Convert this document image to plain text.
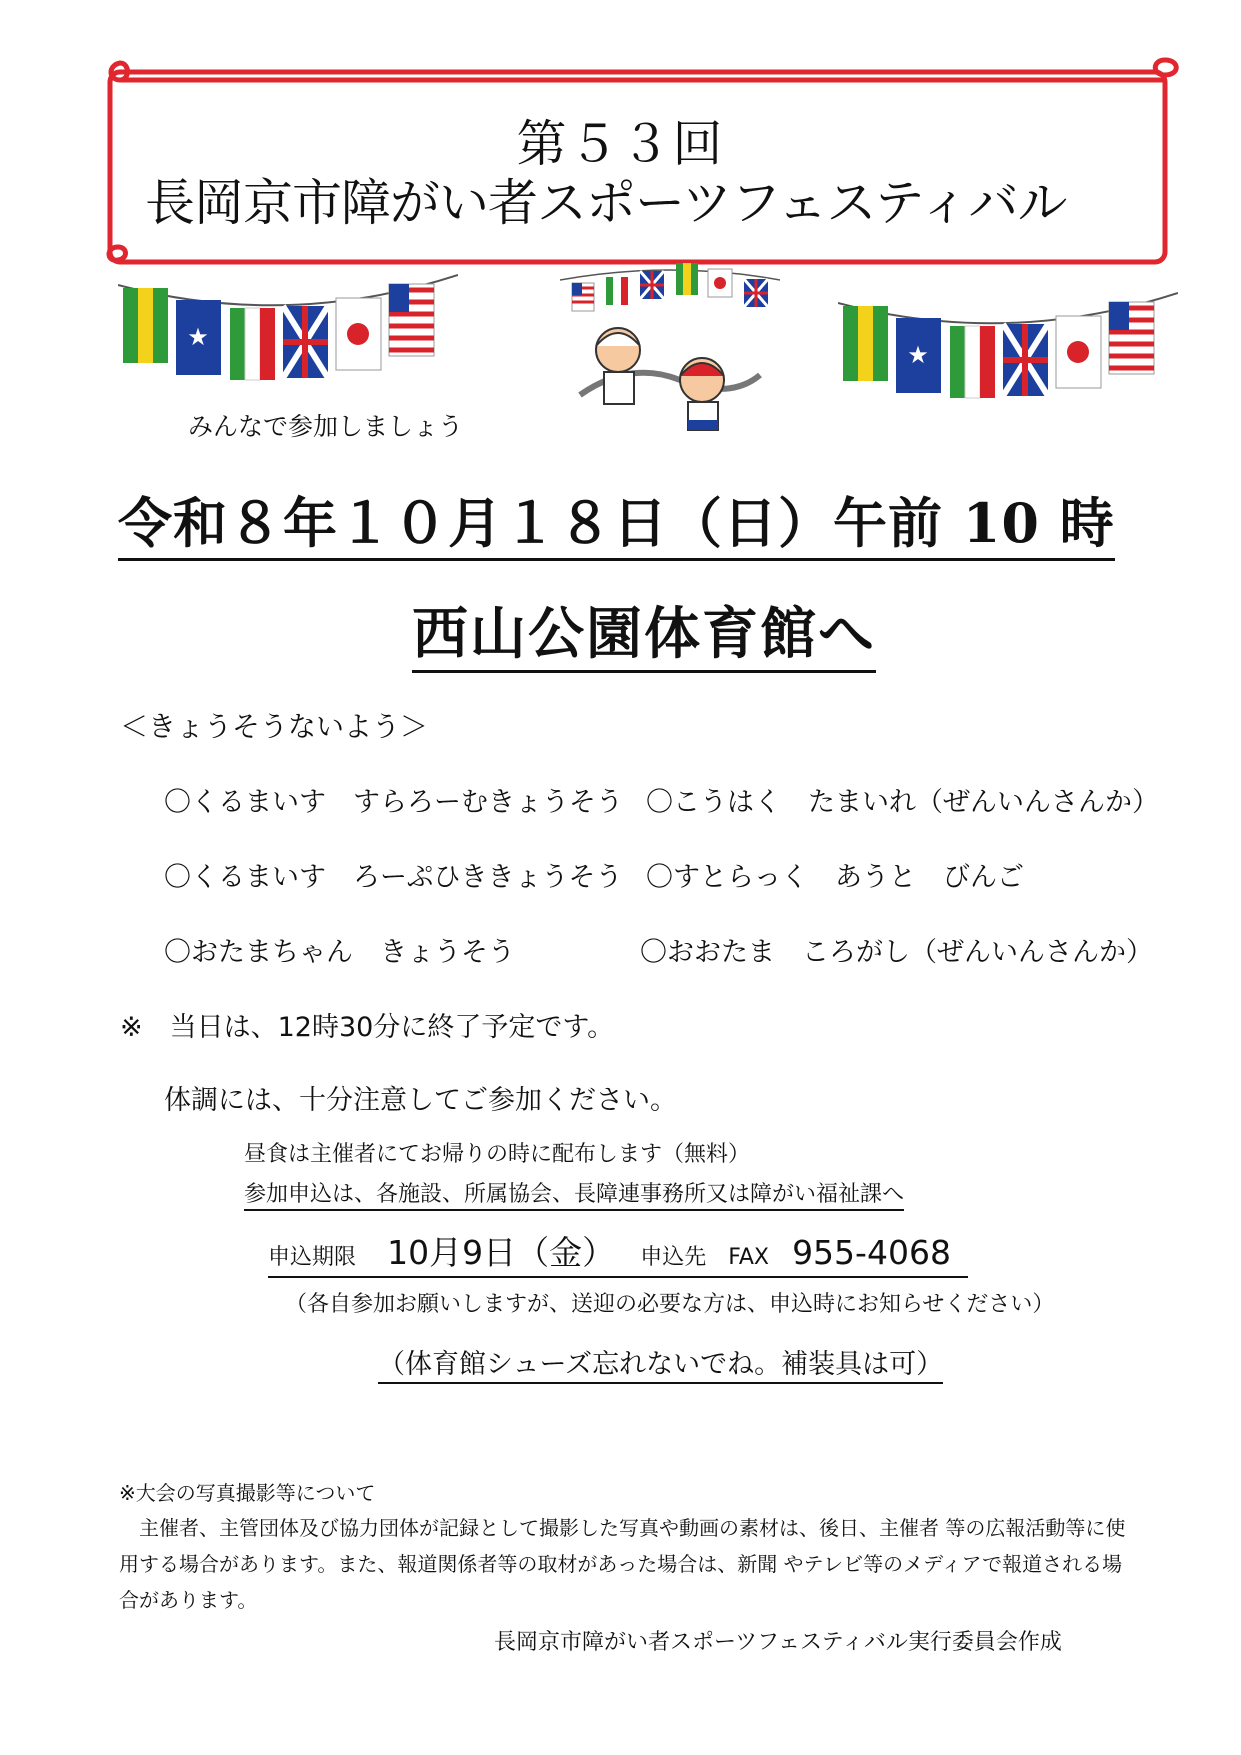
第５３回
長岡京市障がい者スポーツフェスティバル
★
★
みんなで参加しましょう
令和８年１０月１８日（日）午前 10 時
西山公園体育館へ
＜きょうそうないよう＞
〇くるまいす　すらろーむきょうそう 〇こうはく　たまいれ（ぜんいんさんか）
〇くるまいす　ろーぷひききょうそう 〇すとらっく　あうと　びんご
〇おたまちゃん　きょうそう	〇おおたま　ころがし（ぜんいんさんか）
※　当日は、12時30分に終了予定です。
体調には、十分注意してご参加ください。
昼食は主催者にてお帰りの時に配布します（無料）
参加申込は、各施設、所属協会、長障連事務所又は障がい福祉課へ
申込期限 10月9日（金） 申込先　FAX 955-4068
（各自参加お願いしますが、送迎の必要な方は、申込時にお知らせください）
（体育館シューズ忘れないでね。補装具は可）
※大会の写真撮影等について
主催者、主管団体及び協力団体が記録として撮影した写真や動画の素材は、後日、主催者 等の広報活動等に使用する場合があります。また、報道関係者等の取材があった場合は、新聞 やテレビ等のメディアで報道される場合があります。
長岡京市障がい者スポーツフェスティバル実行委員会作成
